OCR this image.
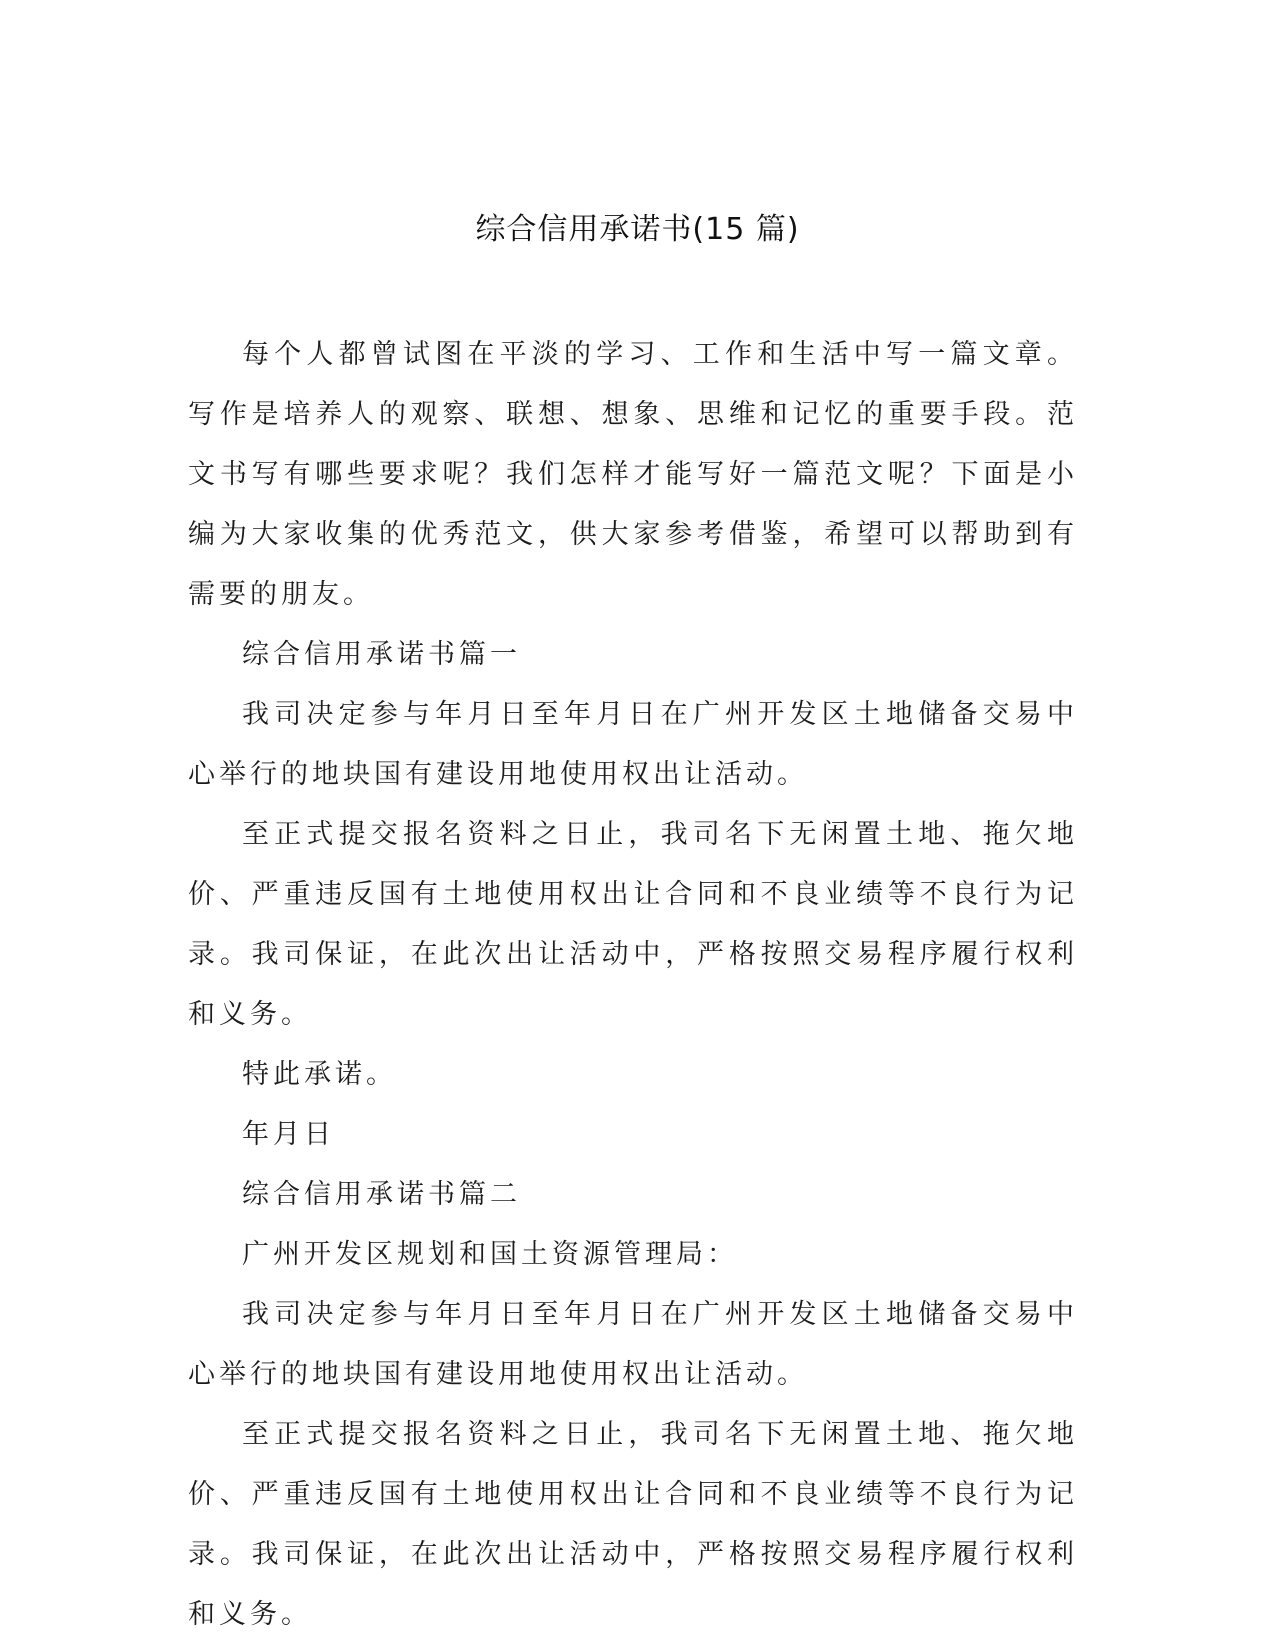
综合信用承诺书(15 篇)

每个人都曾试图在平淡的学习、工作和生活中写一篇文章。写作是培养人的观察、联想、想象、思维和记忆的重要手段。范文书写有哪些要求呢？我们怎样才能写好一篇范文呢？下面是小编为大家收集的优秀范文，供大家参考借鉴，希望可以帮助到有需要的朋友。

综合信用承诺书篇一

我司决定参与年月日至年月日在广州开发区土地储备交易中心举行的地块国有建设用地使用权出让活动。

至正式提交报名资料之日止，我司名下无闲置土地、拖欠地价、严重违反国有土地使用权出让合同和不良业绩等不良行为记录。我司保证，在此次出让活动中，严格按照交易程序履行权利和义务。

特此承诺。

年月日

综合信用承诺书篇二

广州开发区规划和国土资源管理局：

我司决定参与年月日至年月日在广州开发区土地储备交易中心举行的地块国有建设用地使用权出让活动。

至正式提交报名资料之日止，我司名下无闲置土地、拖欠地价、严重违反国有土地使用权出让合同和不良业绩等不良行为记录。我司保证，在此次出让活动中，严格按照交易程序履行权利和义务。
